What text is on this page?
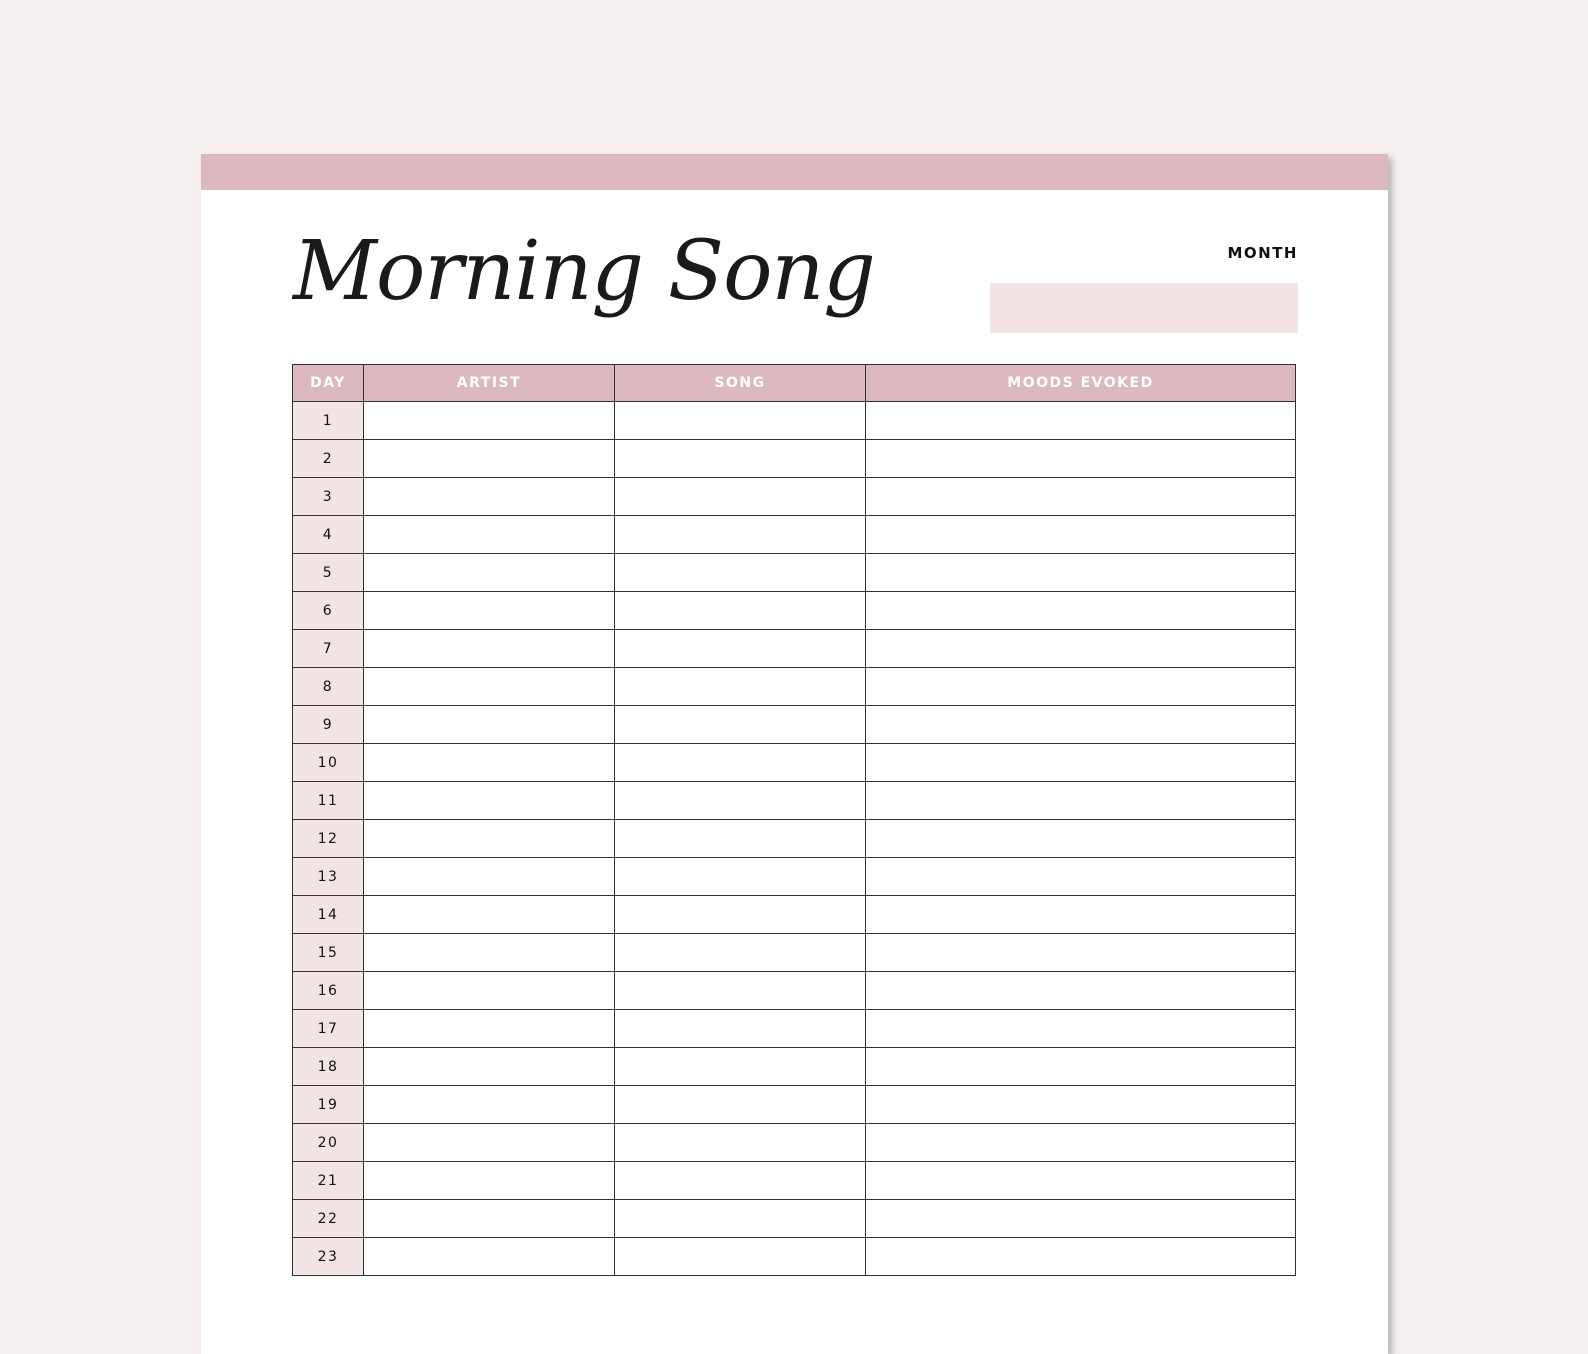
Morning Song	MONTH
DAY	ARTIST	SONG	MOODS EVOKED
1			
2			
3			
4			
5			
6			
7			
8			
9			
10			
11			
12			
13			
14			
15			
16			
17			
18			
19			
20			
21			
22			
23			
